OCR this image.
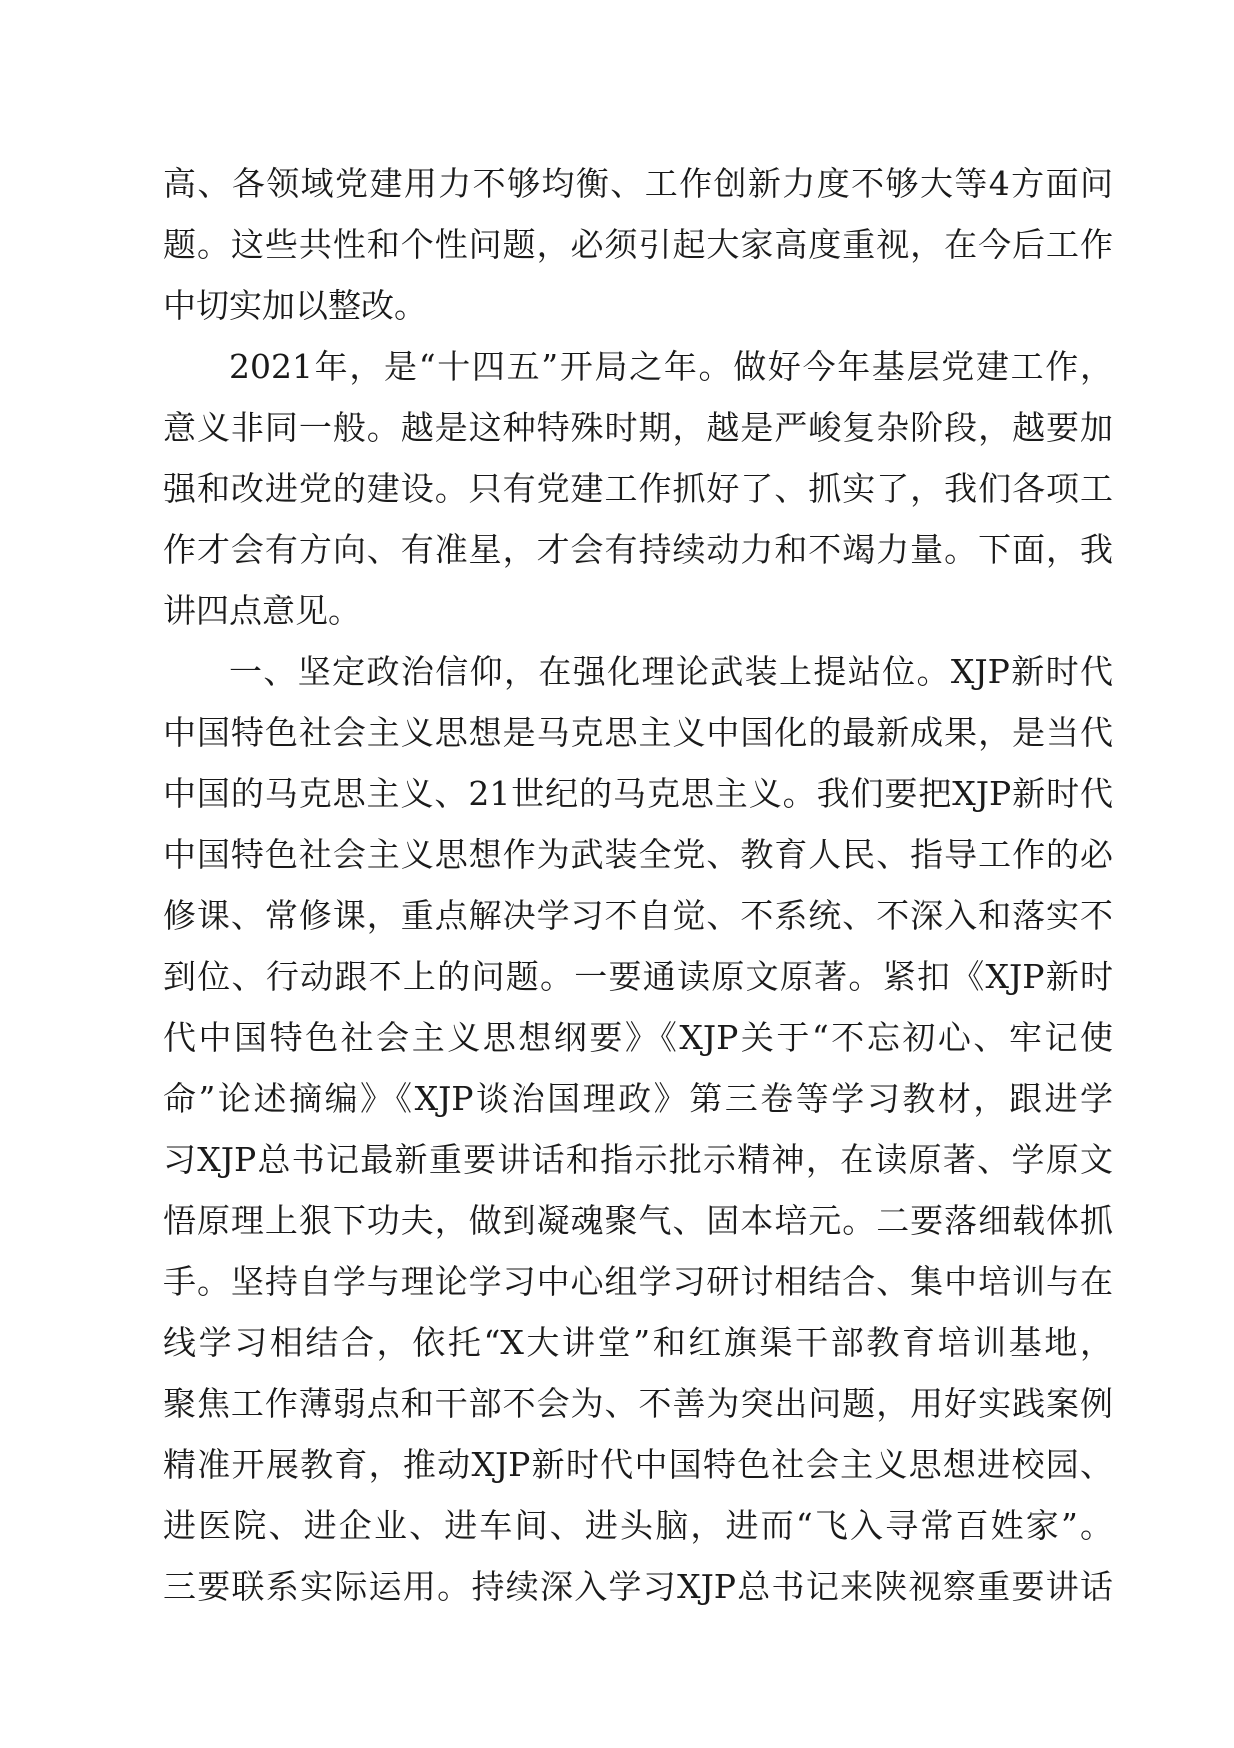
高、各领域党建用力不够均衡、工作创新力度不够大等4方面问
题。这些共性和个性问题，必须引起大家高度重视，在今后工作
中切实加以整改。
2021年，是“十四五”开局之年。做好今年基层党建工作，
意义非同一般。越是这种特殊时期，越是严峻复杂阶段，越要加
强和改进党的建设。只有党建工作抓好了、抓实了，我们各项工
作才会有方向、有准星，才会有持续动力和不竭力量。下面，我
讲四点意见。
一、坚定政治信仰，在强化理论武装上提站位。XJP新时代
中国特色社会主义思想是马克思主义中国化的最新成果，是当代
中国的马克思主义、21世纪的马克思主义。我们要把XJP新时代
中国特色社会主义思想作为武装全党、教育人民、指导工作的必
修课、常修课，重点解决学习不自觉、不系统、不深入和落实不
到位、行动跟不上的问题。一要通读原文原著。紧扣《XJP新时
代中国特色社会主义思想纲要》《XJP关于“不忘初心、牢记使
命”论述摘编》《XJP谈治国理政》第三卷等学习教材，跟进学
习XJP总书记最新重要讲话和指示批示精神，在读原著、学原文
悟原理上狠下功夫，做到凝魂聚气、固本培元。二要落细载体抓
手。坚持自学与理论学习中心组学习研讨相结合、集中培训与在
线学习相结合，依托“X大讲堂”和红旗渠干部教育培训基地，
聚焦工作薄弱点和干部不会为、不善为突出问题，用好实践案例
精准开展教育，推动XJP新时代中国特色社会主义思想进校园、
进医院、进企业、进车间、进头脑，进而“飞入寻常百姓家”。
三要联系实际运用。持续深入学习XJP总书记来陕视察重要讲话
